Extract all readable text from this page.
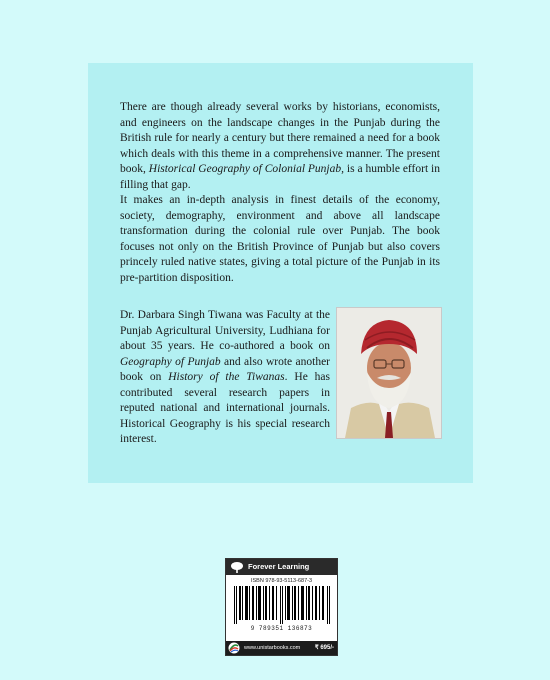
There are though already several works by historians, economists, and engineers on the landscape changes in the Punjab during the British rule for nearly a century but there remained a need for a book which deals with this theme in a comprehensive manner. The present book, Historical Geography of Colonial Punjab, is a humble effort in filling that gap.

It makes an in-depth analysis in finest details of the economy, society, demography, environment and above all landscape transformation during the colonial rule over Punjab. The book focuses not only on the British Province of Punjab but also covers princely ruled native states, giving a total picture of the Punjab in its pre-partition disposition.

Dr. Darbara Singh Tiwana was Faculty at the Punjab Agricultural University, Ludhiana for about 35 years. He co-authored a book on Geography of Punjab and also wrote another book on History of the Tiwanas. He has contributed several research papers in reputed national and international journals. Historical Geography is his special research interest.
Forever Learning
ISBN 978-93-5113-687-3
9 789351 136873
www.unistarbooks.com ₹ 695/-
